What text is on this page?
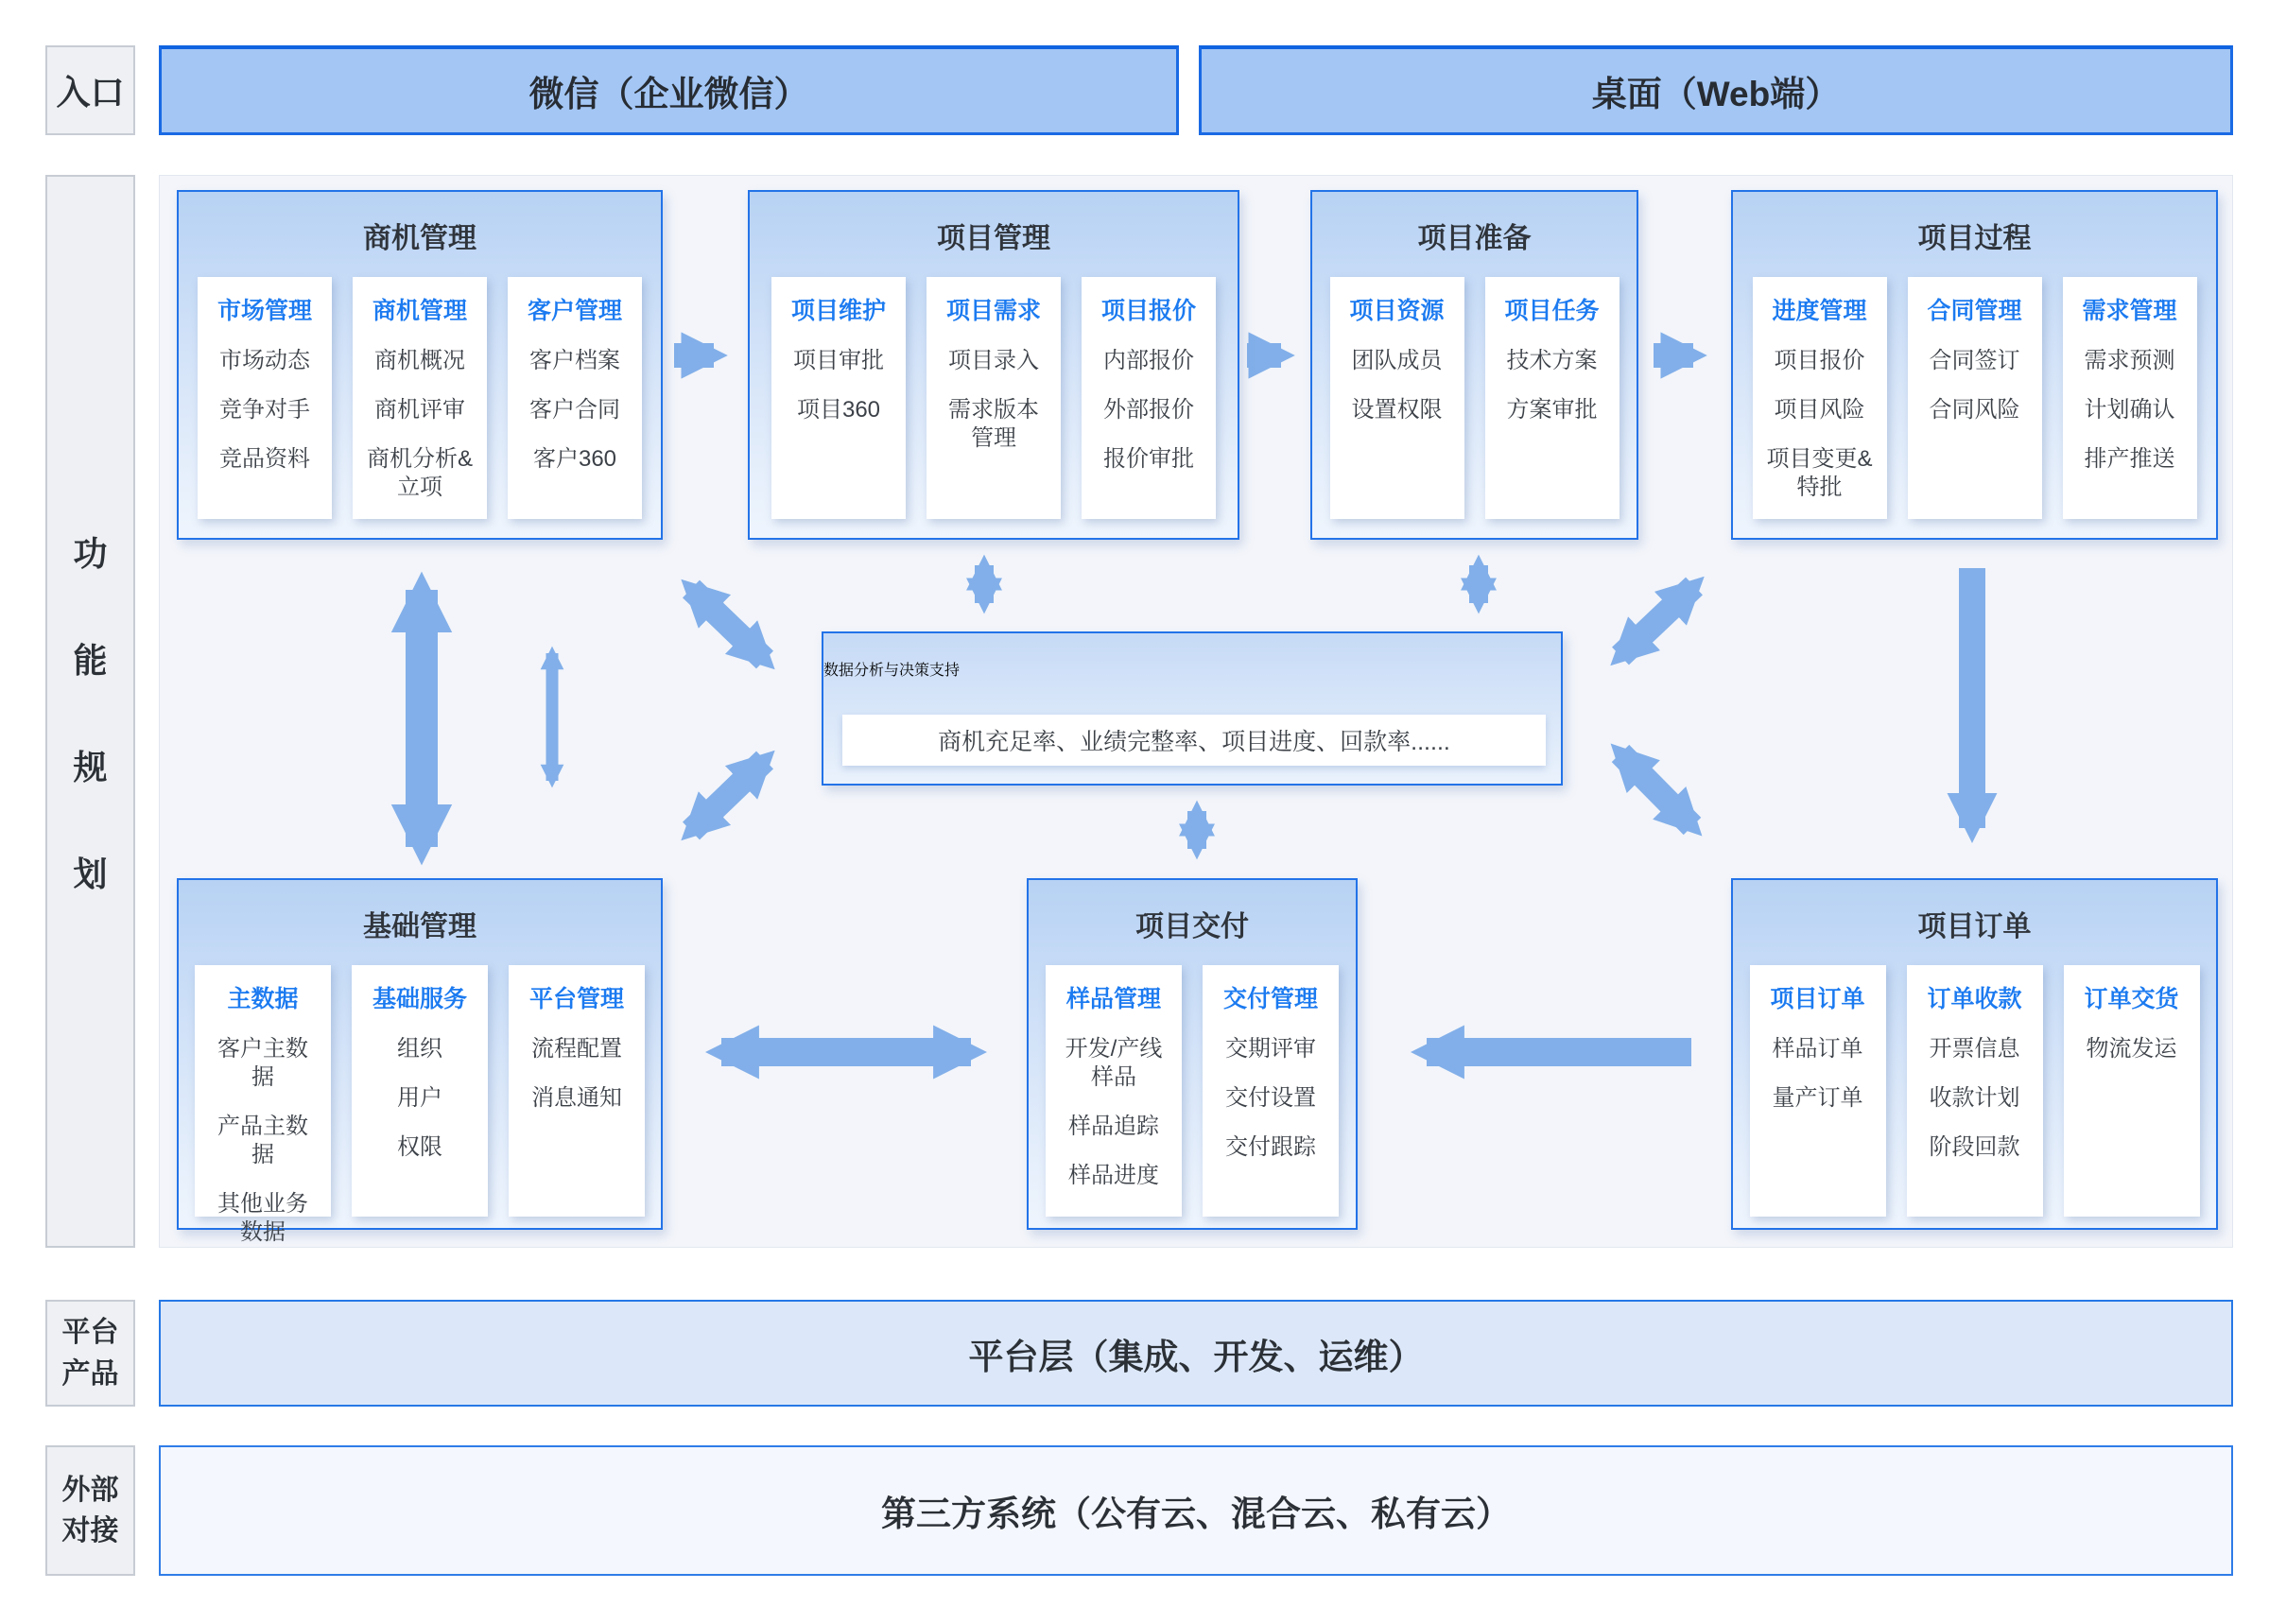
入口	微信（企业微信）	桌面（Web端）
功
能
规
划
商机管理
市场管理
市场动态
竞争对手
竞品资料
商机管理
商机概况
商机评审
商机分析&立项
客户管理
客户档案
客户合同
客户360
项目管理
项目维护
项目审批
项目360
项目需求
项目录入
需求版本管理
项目报价
内部报价
外部报价
报价审批
项目准备
项目资源
团队成员
设置权限
项目任务
技术方案
方案审批
项目过程
进度管理
项目报价
项目风险
项目变更&特批
合同管理
合同签订
合同风险
需求管理
需求预测
计划确认
排产推送
基础管理
主数据
客户主数据
产品主数据
其他业务数据
基础服务
组织
用户
权限
平台管理
流程配置
消息通知
项目交付
样品管理
开发/产线样品
样品追踪
样品进度
交付管理
交期评审
交付设置
交付跟踪
项目订单
项目订单
样品订单
量产订单
订单收款
开票信息
收款计划
阶段回款
订单交货
物流发运
数据分析与决策支持
商机充足率、业绩完整率、项目进度、回款率......
平台产品	平台层（集成、开发、运维）
外部对接	第三方系统（公有云、混合云、私有云）
